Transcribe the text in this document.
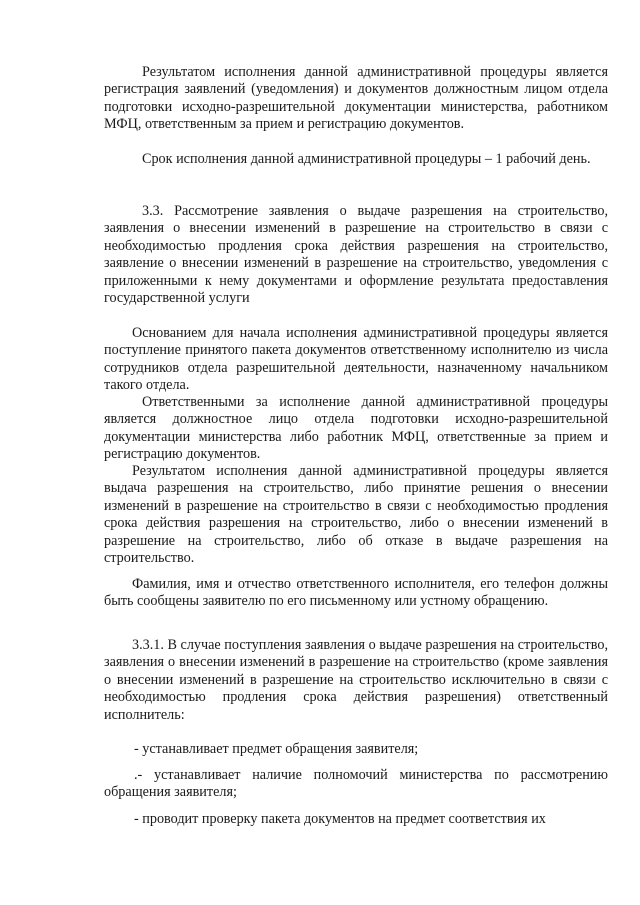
Результатом исполнения данной административной процедуры является регистрация заявлений (уведомления) и документов должностным лицом отдела подготовки исходно-разрешительной документации министерства, работником МФЦ, ответственным за прием и регистрацию документов.

Срок исполнения данной административной процедуры – 1 рабочий день.

3.3. Рассмотрение заявления о выдаче разрешения на строительство, заявления о внесении изменений в разрешение на строительство в связи с необходимостью продления срока действия разрешения на строительство, заявление о внесении изменений в разрешение на строительство, уведомления с приложенными к нему документами и оформление результата предоставления государственной услуги

Основанием для начала исполнения административной процедуры является поступление принятого пакета документов ответственному исполнителю из числа сотрудников отдела разрешительной деятельности, назначенному начальником такого отдела.

Ответственными за исполнение данной административной процедуры является должностное лицо отдела подготовки исходно-разрешительной документации министерства либо работник МФЦ, ответственные за прием и регистрацию документов.

Результатом исполнения данной административной процедуры является выдача разрешения на строительство, либо принятие решения о внесении изменений в разрешение на строительство в связи с необходимостью продления срока действия разрешения на строительство, либо о внесении изменений в разрешение на строительство, либо об отказе в выдаче разрешения на строительство.

Фамилия, имя и отчество ответственного исполнителя, его телефон должны быть сообщены заявителю по его письменному или устному обращению.

3.3.1. В случае поступления заявления о выдаче разрешения на строительство, заявления о внесении изменений в разрешение на строительство (кроме заявления о внесении изменений в разрешение на строительство исключительно в связи с необходимостью продления срока действия разрешения) ответственный исполнитель:

- устанавливает предмет обращения заявителя;

.- устанавливает наличие полномочий министерства по рассмотрению обращения заявителя;

- проводит проверку пакета документов на предмет соответствия их
